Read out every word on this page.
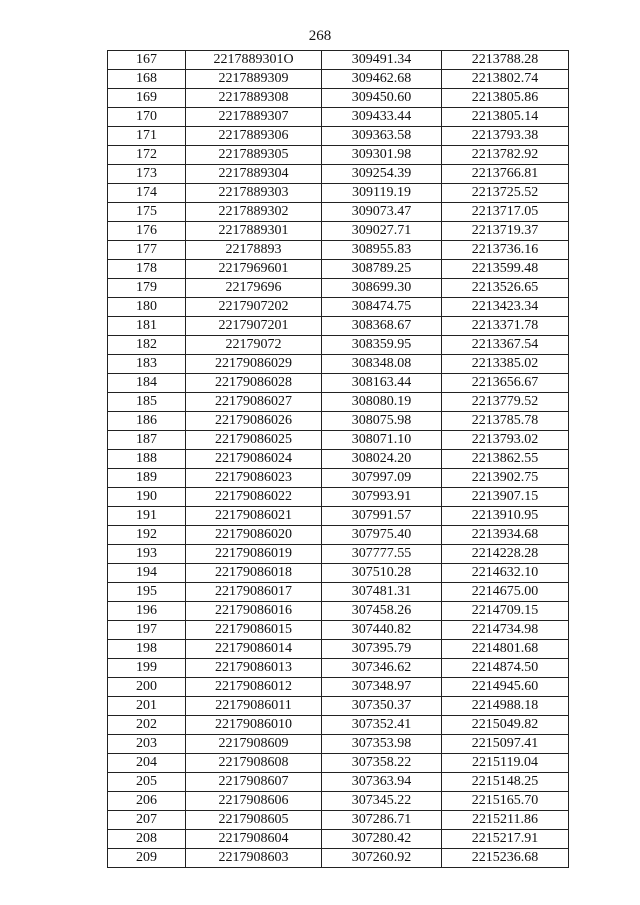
268
167	2217889301O	309491.34	2213788.28
168	2217889309	309462.68	2213802.74
169	2217889308	309450.60	2213805.86
170	2217889307	309433.44	2213805.14
171	2217889306	309363.58	2213793.38
172	2217889305	309301.98	2213782.92
173	2217889304	309254.39	2213766.81
174	2217889303	309119.19	2213725.52
175	2217889302	309073.47	2213717.05
176	2217889301	309027.71	2213719.37
177	22178893	308955.83	2213736.16
178	2217969601	308789.25	2213599.48
179	22179696	308699.30	2213526.65
180	2217907202	308474.75	2213423.34
181	2217907201	308368.67	2213371.78
182	22179072	308359.95	2213367.54
183	22179086029	308348.08	2213385.02
184	22179086028	308163.44	2213656.67
185	22179086027	308080.19	2213779.52
186	22179086026	308075.98	2213785.78
187	22179086025	308071.10	2213793.02
188	22179086024	308024.20	2213862.55
189	22179086023	307997.09	2213902.75
190	22179086022	307993.91	2213907.15
191	22179086021	307991.57	2213910.95
192	22179086020	307975.40	2213934.68
193	22179086019	307777.55	2214228.28
194	22179086018	307510.28	2214632.10
195	22179086017	307481.31	2214675.00
196	22179086016	307458.26	2214709.15
197	22179086015	307440.82	2214734.98
198	22179086014	307395.79	2214801.68
199	22179086013	307346.62	2214874.50
200	22179086012	307348.97	2214945.60
201	22179086011	307350.37	2214988.18
202	22179086010	307352.41	2215049.82
203	2217908609	307353.98	2215097.41
204	2217908608	307358.22	2215119.04
205	2217908607	307363.94	2215148.25
206	2217908606	307345.22	2215165.70
207	2217908605	307286.71	2215211.86
208	2217908604	307280.42	2215217.91
209	2217908603	307260.92	2215236.68
